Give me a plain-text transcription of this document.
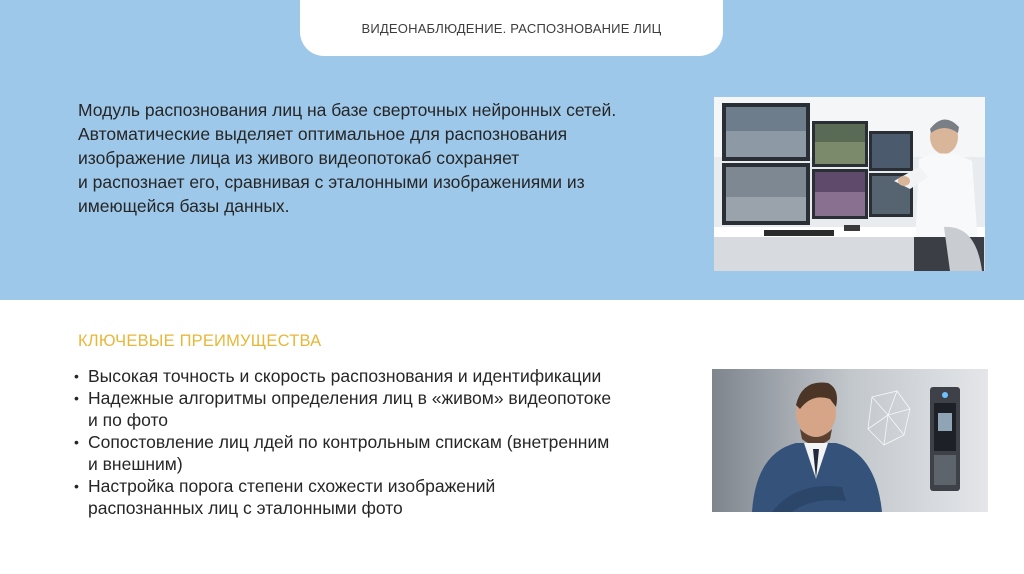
ВИДЕОНАБЛЮДЕНИЕ. РАСПОЗНОВАНИЕ ЛИЦ
Модуль распознования лиц на базе сверточных нейронных сетей.
Автоматические выделяет оптимальное для распознования
изображение лица из живого видеопотокаб сохраняет
и распознает его, сравнивая с эталонными изображениями из
имеющейся базы данных.
КЛЮЧЕВЫЕ ПРЕИМУЩЕСТВА
• Высокая точность и скорость распознования и идентификации
• Надежные алгоритмы определения лиц в «живом» видеопотоке
и по фото
• Сопостовление лиц лдей по контрольным спискам (внетренним
и внешним)
• Настройка порога степени схожести изображений
распознанных лиц с эталонными фото
